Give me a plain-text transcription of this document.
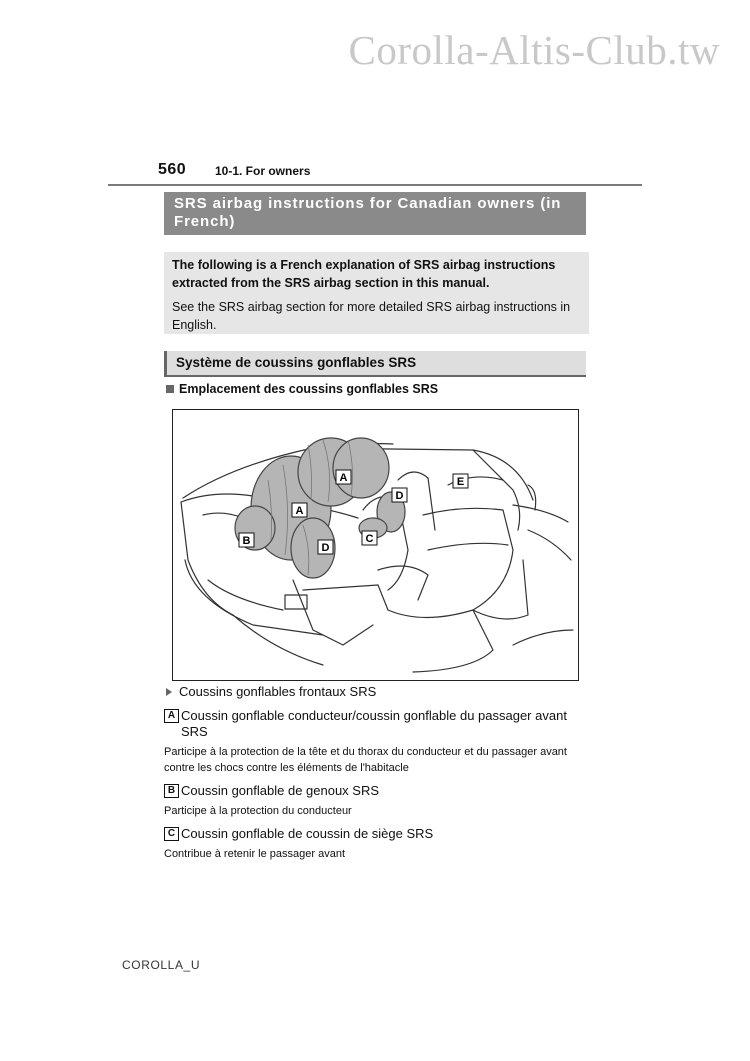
Corolla-Altis-Club.tw
560 10-1. For owners
SRS airbag instructions for Canadian owners (in French)

The following is a French explanation of SRS airbag instructions extracted from the SRS airbag section in this manual.

See the SRS airbag section for more detailed SRS airbag instructions in English.

Système de coussins gonflables SRS
Emplacement des coussins gonflables SRS
A
A
B	C
D
D
E
Coussins gonflables frontaux SRS
A Coussin gonflable conducteur/coussin gonflable du passager avant SRS

Participe à la protection de la tête et du thorax du conducteur et du passager avant contre les chocs contre les éléments de l'habitacle

B Coussin gonflable de genoux SRS

Participe à la protection du conducteur

C Coussin gonflable de coussin de siège SRS

Contribue à retenir le passager avant

COROLLA_U
